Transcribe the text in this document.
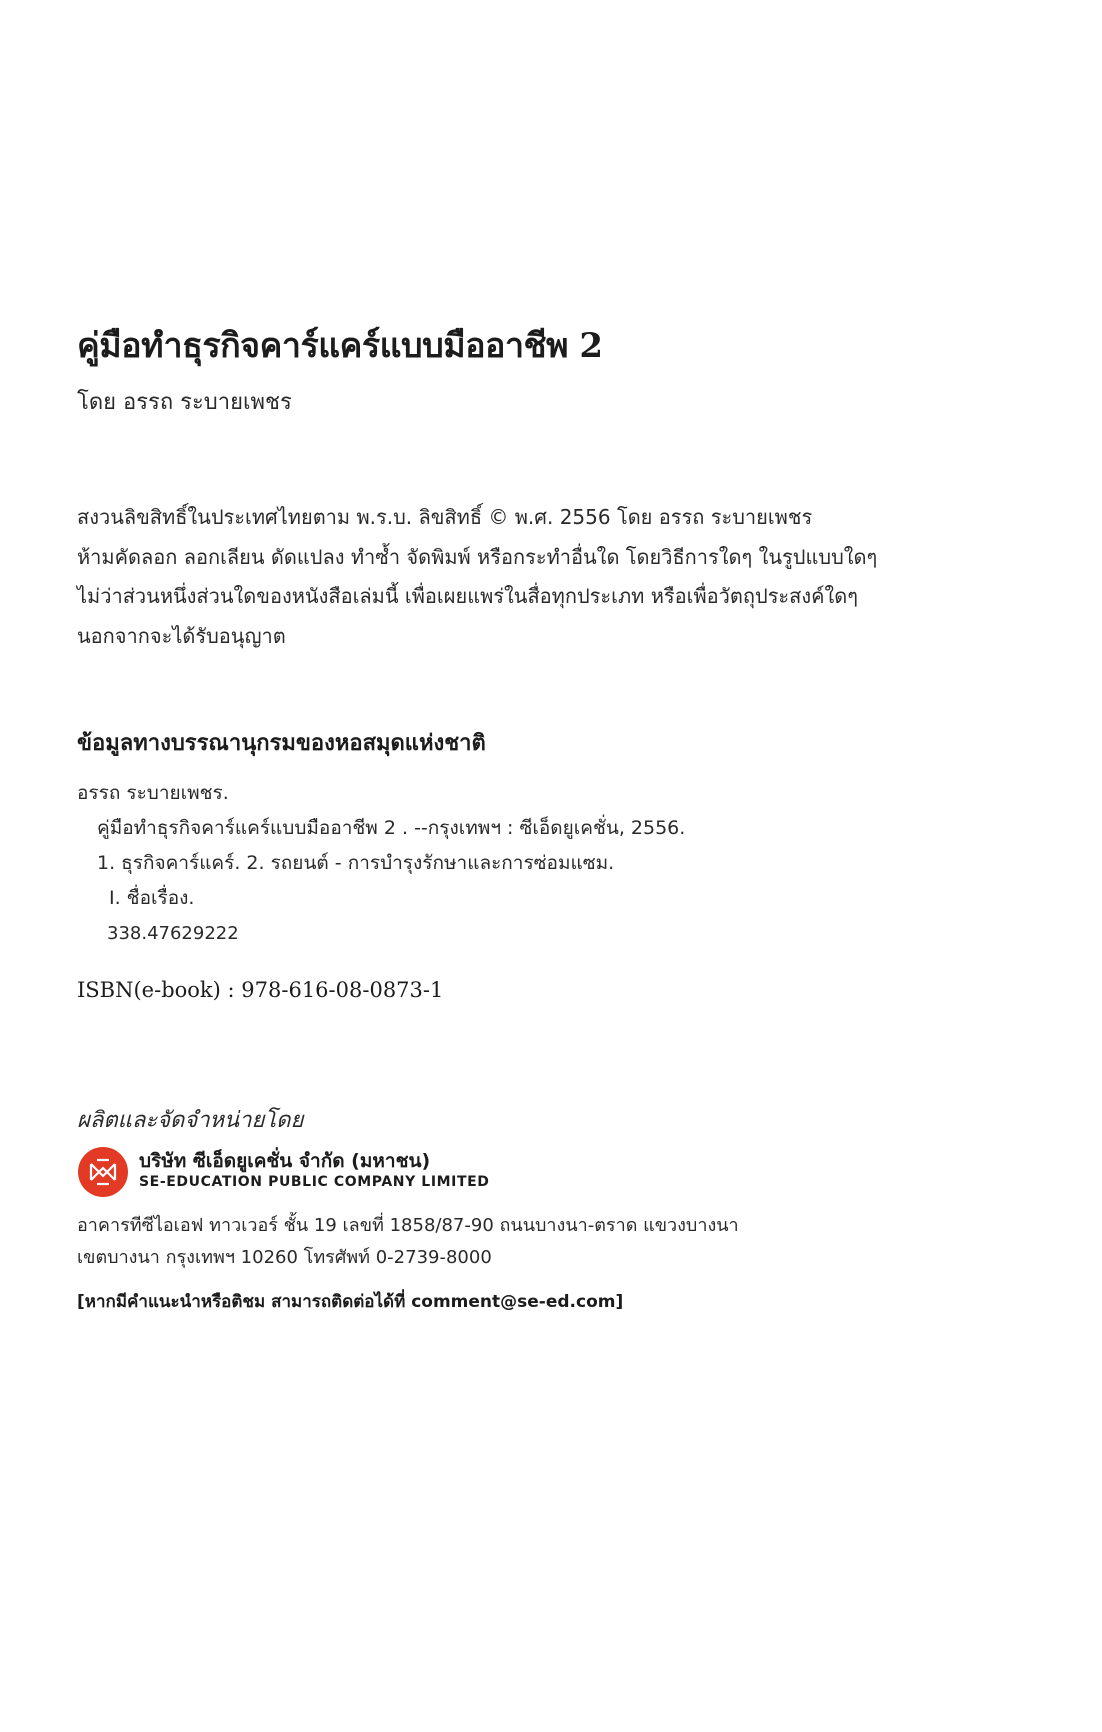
คู่มือทำธุรกิจคาร์แคร์แบบมืออาชีพ 2
โดย อรรถ ระบายเพชร
สงวนลิขสิทธิ์ในประเทศไทยตาม พ.ร.บ. ลิขสิทธิ์ © พ.ศ. 2556 โดย อรรถ ระบายเพชร
ห้ามคัดลอก ลอกเลียน ดัดแปลง ทำซ้ำ จัดพิมพ์ หรือกระทำอื่นใด โดยวิธีการใดๆ ในรูปแบบใดๆ
ไม่ว่าส่วนหนึ่งส่วนใดของหนังสือเล่มนี้ เพื่อเผยแพร่ในสื่อทุกประเภท หรือเพื่อวัตถุประสงค์ใดๆ
นอกจากจะได้รับอนุญาต
ข้อมูลทางบรรณานุกรมของหอสมุดแห่งชาติ
อรรถ ระบายเพชร.
คู่มือทำธุรกิจคาร์แคร์แบบมืออาชีพ 2 . --กรุงเทพฯ : ซีเอ็ดยูเคชั่น, 2556.
1. ธุรกิจคาร์แคร์. 2. รถยนต์ - การบำรุงรักษาและการซ่อมแซม.
I. ชื่อเรื่อง.
338.47629222
ISBN(e-book) : 978-616-08-0873-1
ผลิตและจัดจำหน่ายโดย
บริษัท ซีเอ็ดยูเคชั่น จำกัด (มหาชน)
SE-EDUCATION PUBLIC COMPANY LIMITED
อาคารทีซีไอเอฟ ทาวเวอร์ ชั้น 19 เลขที่ 1858/87-90 ถนนบางนา-ตราด แขวงบางนา
เขตบางนา กรุงเทพฯ 10260 โทรศัพท์ 0-2739-8000
[หากมีคำแนะนำหรือติชม สามารถติดต่อได้ที่ comment@se-ed.com]
